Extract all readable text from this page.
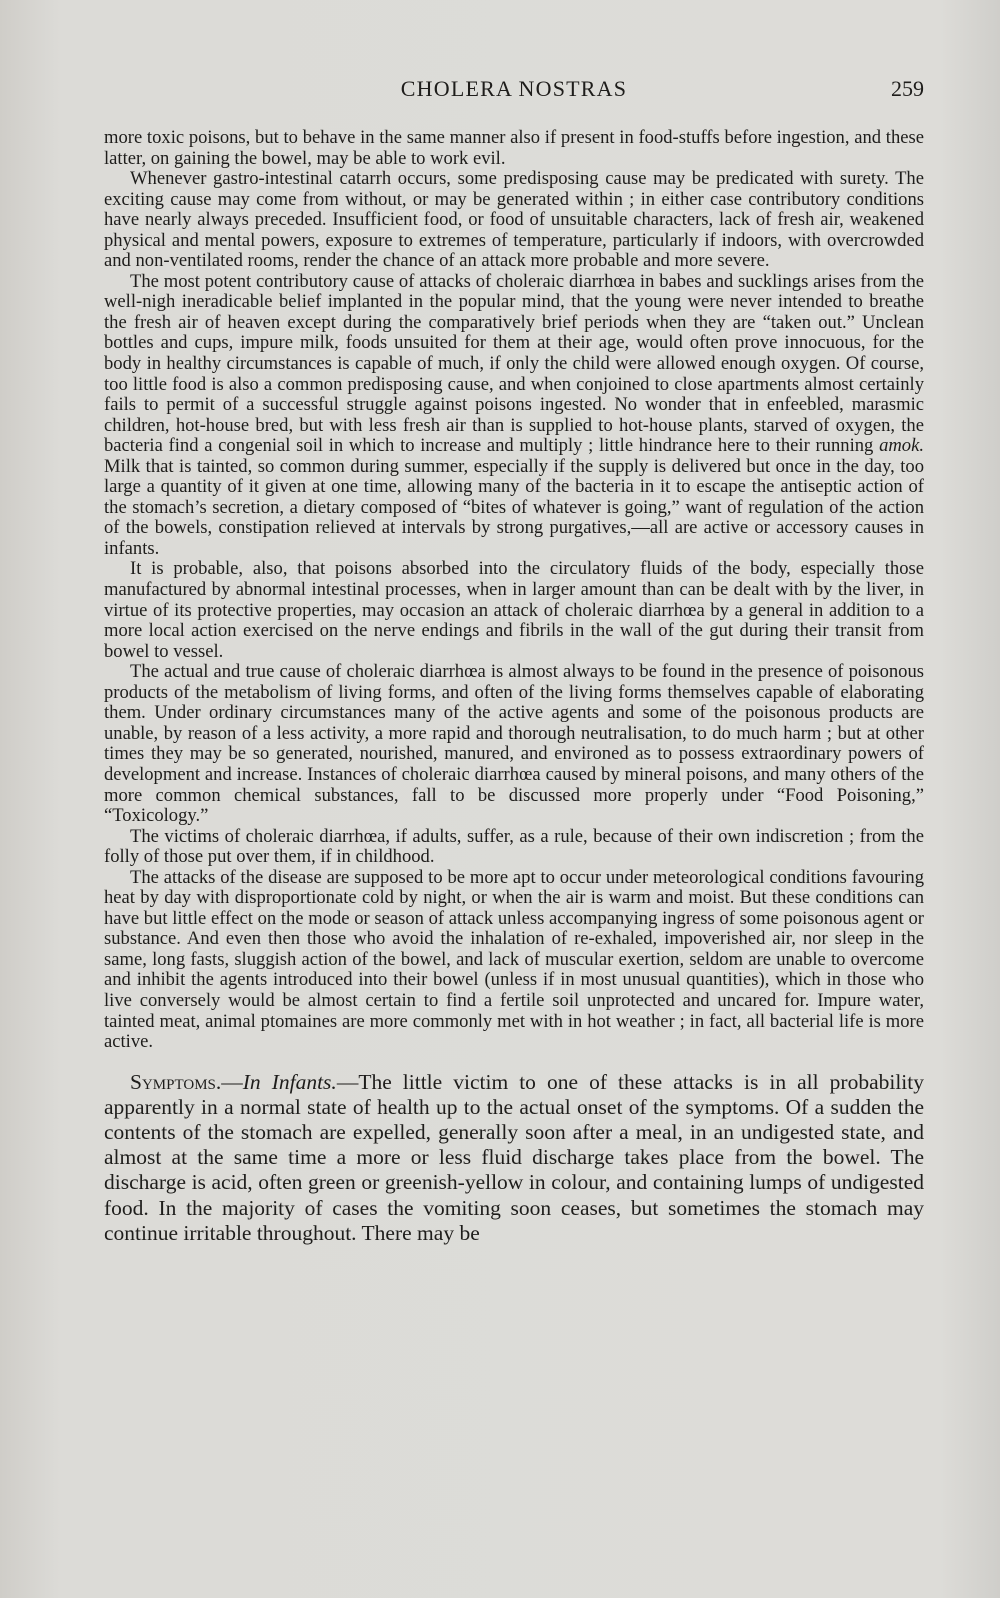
CHOLERA NOSTRAS	259

more toxic poisons, but to behave in the same manner also if present in food-stuffs before ingestion, and these latter, on gaining the bowel, may be able to work evil.

Whenever gastro-intestinal catarrh occurs, some predisposing cause may be predicated with surety. The exciting cause may come from without, or may be generated within ; in either case contributory conditions have nearly always preceded. Insufficient food, or food of unsuitable characters, lack of fresh air, weakened physical and mental powers, exposure to extremes of temperature, particularly if indoors, with overcrowded and non-ventilated rooms, render the chance of an attack more probable and more severe.

The most potent contributory cause of attacks of choleraic diarrhœa in babes and sucklings arises from the well-nigh ineradicable belief implanted in the popular mind, that the young were never intended to breathe the fresh air of heaven except during the comparatively brief periods when they are “taken out.” Unclean bottles and cups, impure milk, foods unsuited for them at their age, would often prove innocuous, for the body in healthy circumstances is capable of much, if only the child were allowed enough oxygen. Of course, too little food is also a common predisposing cause, and when conjoined to close apartments almost certainly fails to permit of a successful struggle against poisons ingested. No wonder that in enfeebled, marasmic children, hot-house bred, but with less fresh air than is supplied to hot-house plants, starved of oxygen, the bacteria find a congenial soil in which to increase and multiply ; little hindrance here to their running amok. Milk that is tainted, so common during summer, especially if the supply is delivered but once in the day, too large a quantity of it given at one time, allowing many of the bacteria in it to escape the antiseptic action of the stomach’s secretion, a dietary composed of “bites of whatever is going,” want of regulation of the action of the bowels, constipation relieved at intervals by strong purgatives,—all are active or accessory causes in infants.

It is probable, also, that poisons absorbed into the circulatory fluids of the body, especially those manufactured by abnormal intestinal processes, when in larger amount than can be dealt with by the liver, in virtue of its protective properties, may occasion an attack of choleraic diarrhœa by a general in addition to a more local action exercised on the nerve endings and fibrils in the wall of the gut during their transit from bowel to vessel.

The actual and true cause of choleraic diarrhœa is almost always to be found in the presence of poisonous products of the metabolism of living forms, and often of the living forms themselves capable of elaborating them. Under ordinary circumstances many of the active agents and some of the poisonous products are unable, by reason of a less activity, a more rapid and thorough neutralisation, to do much harm ; but at other times they may be so generated, nourished, manured, and environed as to possess extraordinary powers of development and increase. Instances of choleraic diarrhœa caused by mineral poisons, and many others of the more common chemical substances, fall to be discussed more properly under “Food Poisoning,” “Toxicology.”

The victims of choleraic diarrhœa, if adults, suffer, as a rule, because of their own indiscretion ; from the folly of those put over them, if in childhood.

The attacks of the disease are supposed to be more apt to occur under meteorological conditions favouring heat by day with disproportionate cold by night, or when the air is warm and moist. But these conditions can have but little effect on the mode or season of attack unless accompanying ingress of some poisonous agent or substance. And even then those who avoid the inhalation of re-exhaled, impoverished air, nor sleep in the same, long fasts, sluggish action of the bowel, and lack of muscular exertion, seldom are unable to overcome and inhibit the agents introduced into their bowel (unless if in most unusual quantities), which in those who live conversely would be almost certain to find a fertile soil unprotected and uncared for. Impure water, tainted meat, animal ptomaines are more commonly met with in hot weather ; in fact, all bacterial life is more active.

Symptoms.—In Infants.—The little victim to one of these attacks is in all probability apparently in a normal state of health up to the actual onset of the symptoms. Of a sudden the contents of the stomach are expelled, generally soon after a meal, in an undigested state, and almost at the same time a more or less fluid discharge takes place from the bowel. The discharge is acid, often green or greenish-yellow in colour, and containing lumps of undigested food. In the majority of cases the vomiting soon ceases, but sometimes the stomach may continue irritable throughout. There may be
